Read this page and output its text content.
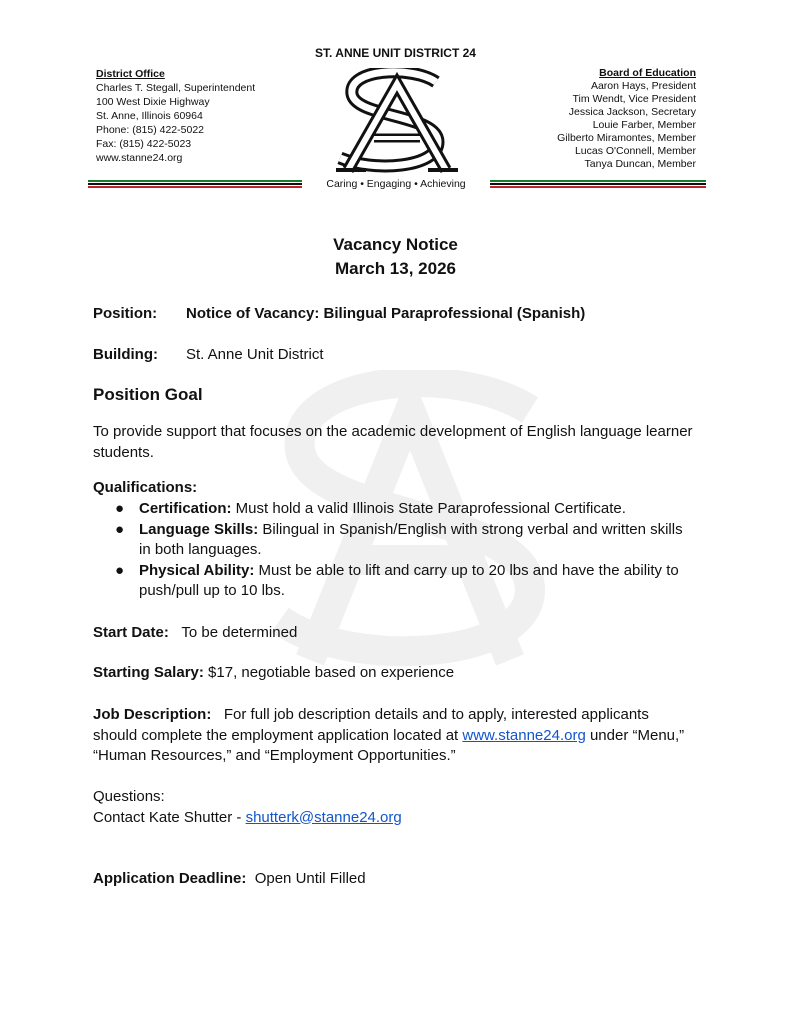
ST. ANNE UNIT DISTRICT 24
District Office
Charles T. Stegall, Superintendent
100 West Dixie Highway
St. Anne, Illinois 60964
Phone: (815) 422-5022
Fax: (815) 422-5023
www.stanne24.org
Board of Education
Aaron Hays, President
Tim Wendt, Vice President
Jessica Jackson, Secretary
Louie Farber, Member
Gilberto Miramontes, Member
Lucas O'Connell, Member
Tanya Duncan, Member
Caring • Engaging • Achieving
Vacancy Notice
March 13, 2026
Position: Notice of Vacancy: Bilingual Paraprofessional (Spanish)
Building: St. Anne Unit District
Position Goal
To provide support that focuses on the academic development of English language learner students.
Qualifications:
● Certification: Must hold a valid Illinois State Paraprofessional Certificate.
● Language Skills: Bilingual in Spanish/English with strong verbal and written skills in both languages.
● Physical Ability: Must be able to lift and carry up to 20 lbs and have the ability to push/pull up to 10 lbs.
Start Date: To be determined
Starting Salary: $17, negotiable based on experience
Job Description: For full job description details and to apply, interested applicants should complete the employment application located at www.stanne24.org under “Menu,” “Human Resources,” and “Employment Opportunities.”
Questions:
Contact Kate Shutter - shutterk@stanne24.org
Application Deadline: Open Until Filled
